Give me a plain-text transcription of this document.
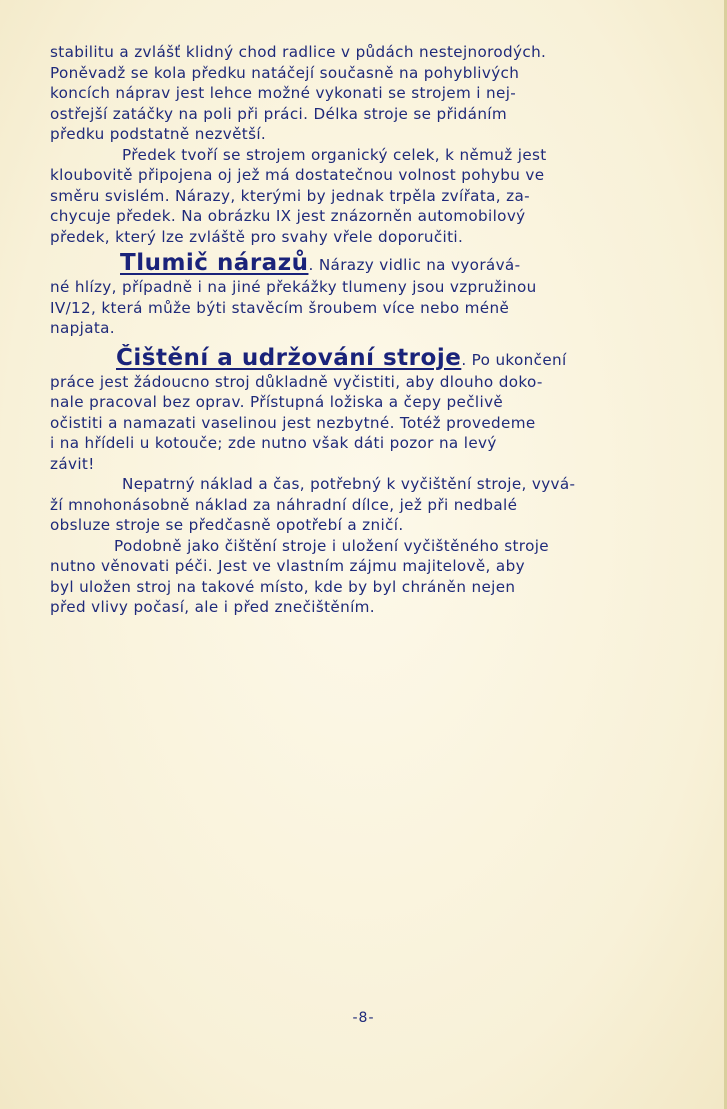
stabilitu a zvlášť klidný chod radlice v půdách nestejnorodých.
Poněvadž se kola předku natáčejí současně na pohyblivých
koncích náprav jest lehce možné vykonati se strojem i nej-
ostřejší zatáčky na poli při práci. Délka stroje se přidáním
předku podstatně nezvětší.
Předek tvoří se strojem organický celek, k němuž jest
kloubovitě připojena oj jež má dostatečnou volnost pohybu ve
směru svislém. Nárazy, kterými by jednak trpěla zvířata, za-
chycuje předek. Na obrázku IX jest znázorněn automobilový
předek, který lze zvláště pro svahy vřele doporučiti.
Tlumič nárazů. Nárazy vidlic na vyorává-
né hlízy, případně i na jiné překážky tlumeny jsou vzpružinou
IV/12, která může býti stavěcím šroubem více nebo méně
napjata.
Čištění a udržování stroje. Po ukončení
práce jest žádoucno stroj důkladně vyčistiti, aby dlouho doko-
nale pracoval bez oprav. Přístupná ložiska a čepy pečlivě
očistiti a namazati vaselinou jest nezbytné. Totéž provedeme
i na hřídeli u kotouče; zde nutno však dáti pozor na levý
závit!
Nepatrný náklad a čas, potřebný k vyčištění stroje, vyvá-
ží mnohonásobně náklad za náhradní dílce, jež při nedbalé
obsluze stroje se předčasně opotřebí a zničí.
Podobně jako čištění stroje i uložení vyčištěného stroje
nutno věnovati péči. Jest ve vlastním zájmu majitelově, aby
byl uložen stroj na takové místo, kde by byl chráněn nejen
před vlivy počasí, ale i před znečištěním.
-8-
